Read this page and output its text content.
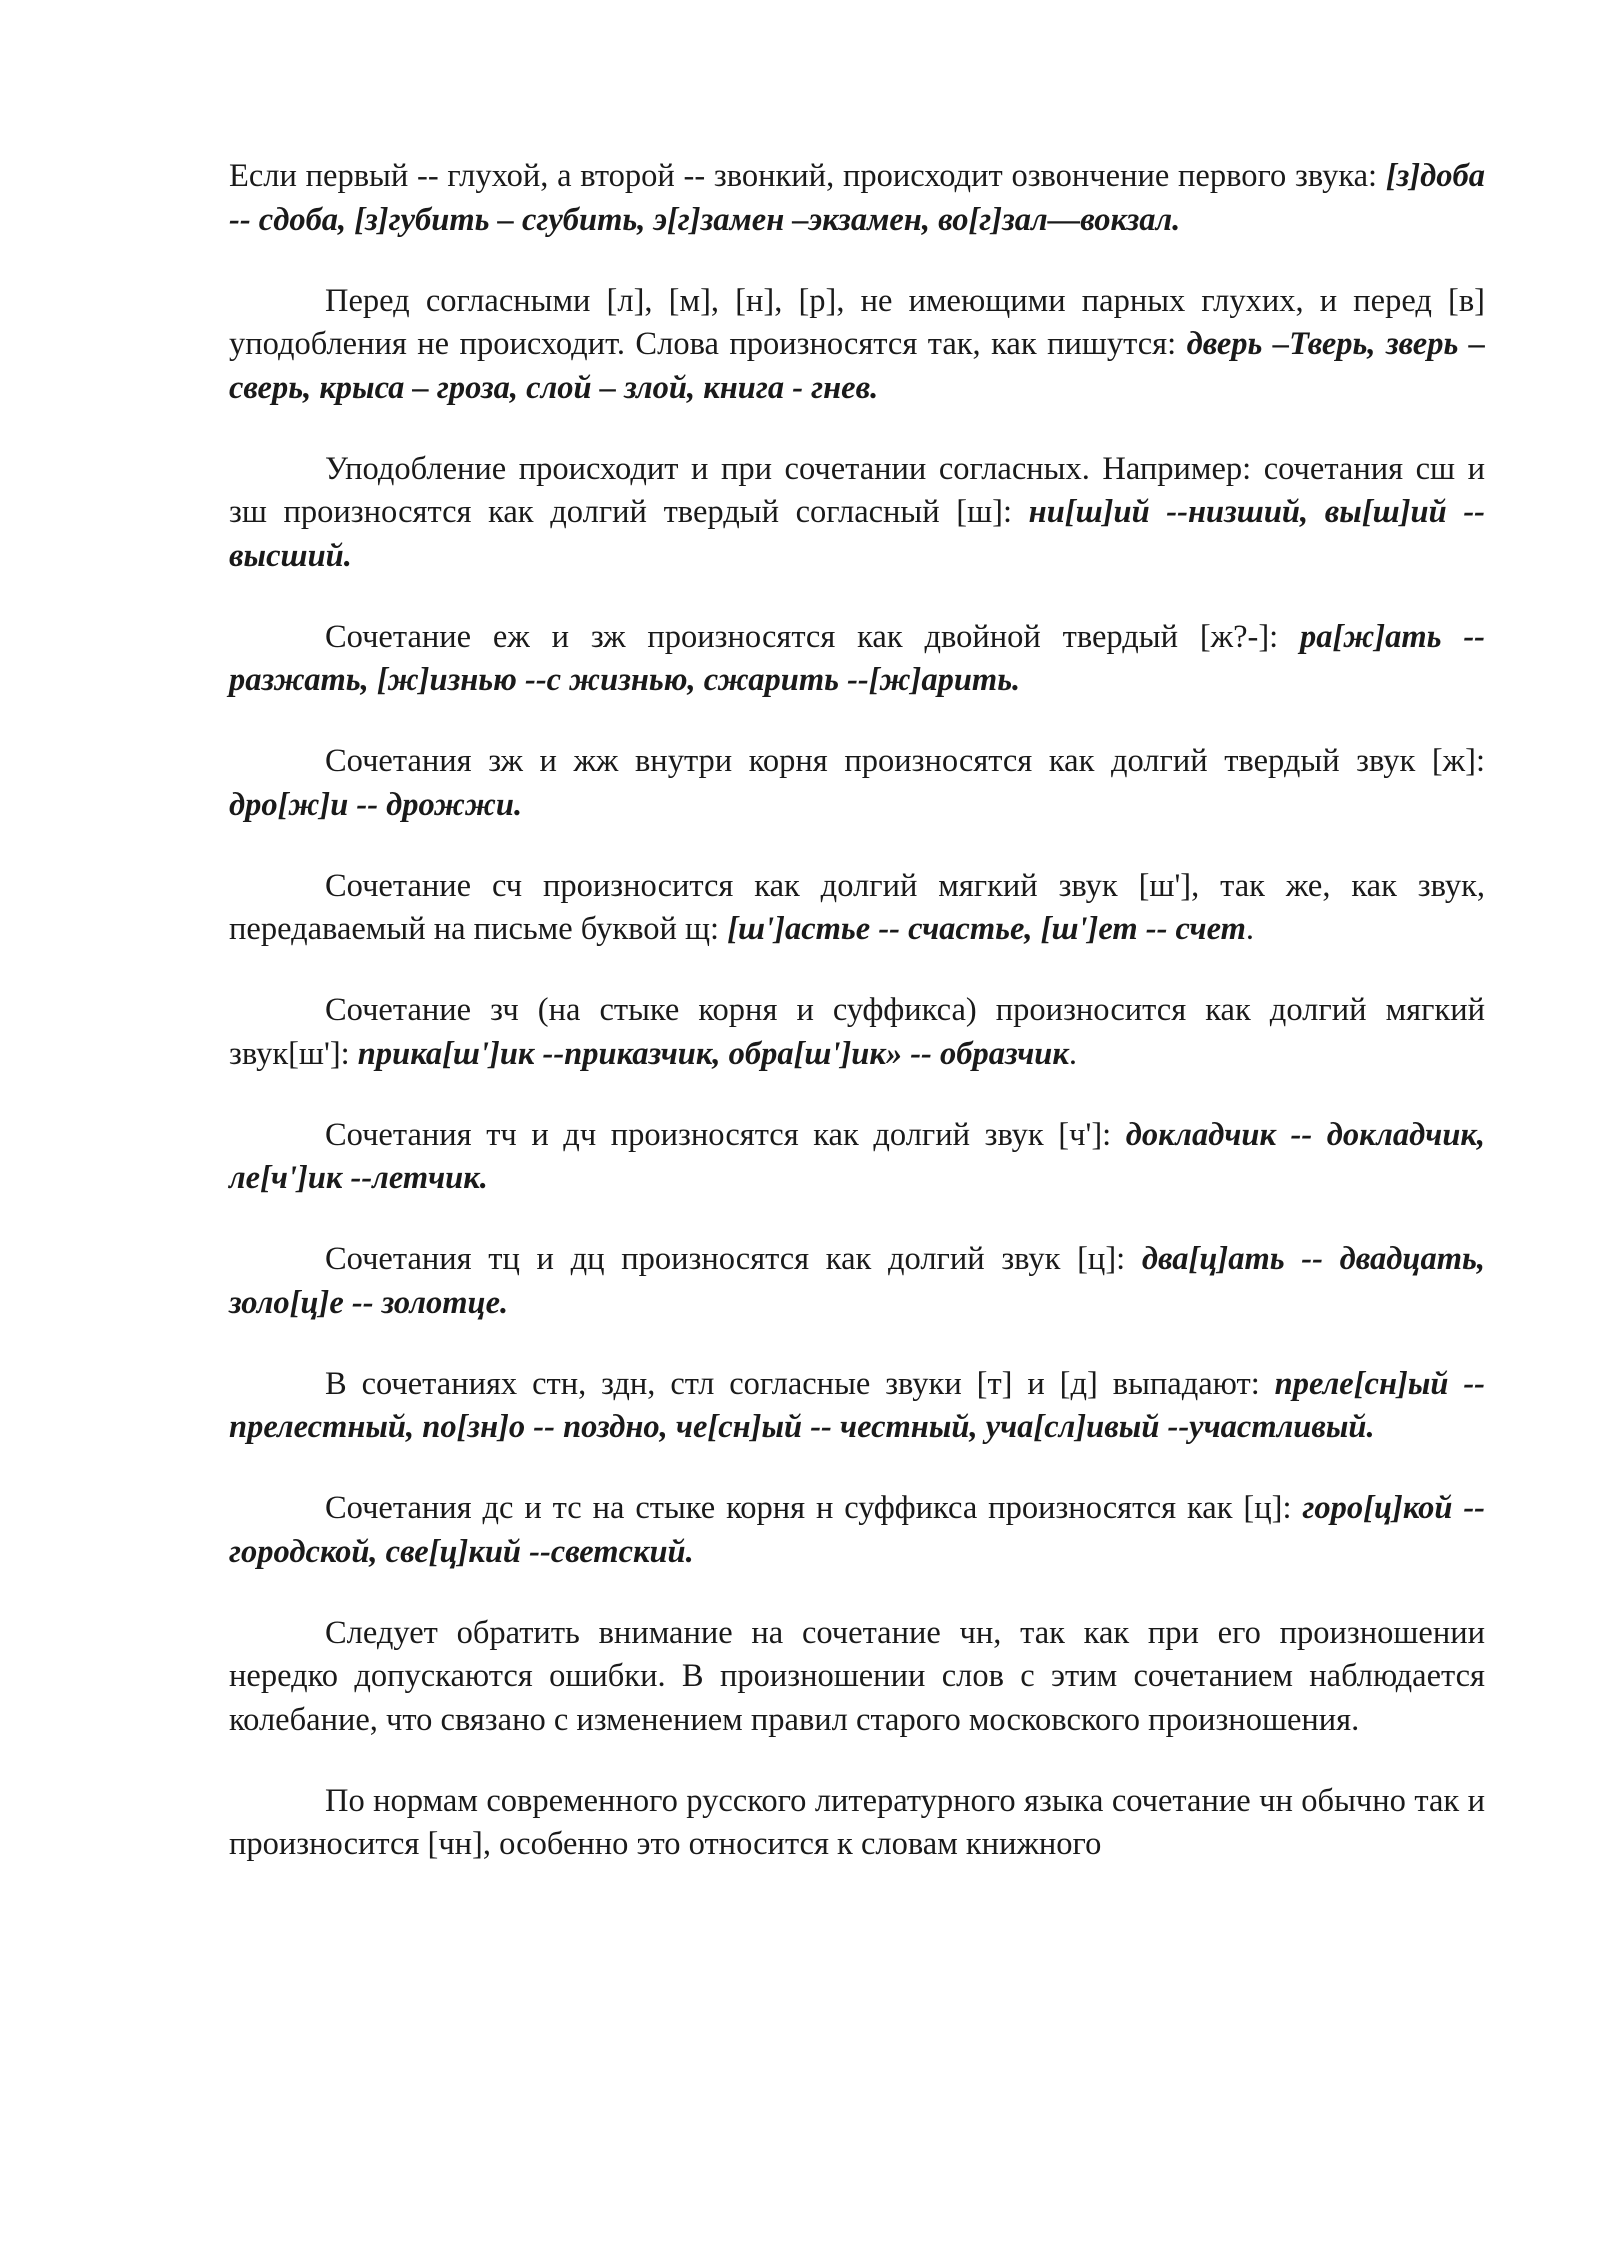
Если первый -- глухой, а второй -- звонкий, происходит озвончение первого звука: [з]доба -- сдоба, [з]губить – сгубить, э[г]замен –экзамен, во[г]зал—вокзал.

Перед согласными [л], [м], [н], [р], не имеющими парных глухих, и перед [в] уподобления не происходит. Слова произносятся так, как пишутся: дверь –Тверь, зверь – сверь, крыса – гроза, слой – злой, книга - гнев.

Уподобление происходит и при сочетании согласных. Например: сочетания сш и зш произносятся как долгий твердый согласный [ш]: ни[ш]ий --низший, вы[ш]ий --высший.

Сочетание еж и зж произносятся как двойной твердый [ж?-]: ра[ж]ать --разжать, [ж]изнью --с жизнью, сжарить --[ж]арить.

Сочетания зж и жж внутри корня произносятся как долгий твердый звук [ж]: дро[ж]и -- дрожжи.

Сочетание сч произносится как долгий мягкий звук [ш'], так же, как звук, передаваемый на письме буквой щ: [ш']астье -- счастье, [ш']ет -- счет.

Сочетание зч (на стыке корня и суффикса) произносится как долгий мягкий звук[ш']: прика[ш']ик --приказчик, обра[ш']ик» -- образчик.

Сочетания тч и дч произносятся как долгий звук [ч']: докладчик -- докладчик, ле[ч']ик --летчик.

Сочетания тц и дц произносятся как долгий звук [ц]: два[ц]ать -- двадцать, золо[ц]е -- золотце.

В сочетаниях стн, здн, стл согласные звуки [т] и [д] выпадают: преле[сн]ый -- прелестный, по[зн]о -- поздно, че[сн]ый -- честный, уча[сл]ивый --участливый.

Сочетания дс и тс на стыке корня н суффикса произносятся как [ц]: горо[ц]кой --городской, све[ц]кий --светский.

Следует обратить внимание на сочетание чн, так как при его произношении нередко допускаются ошибки. В произношении слов с этим сочетанием наблюдается колебание, что связано с изменением правил старого московского произношения.

По нормам современного русского литературного языка сочетание чн обычно так и произносится [чн], особенно это относится к словам книжного
